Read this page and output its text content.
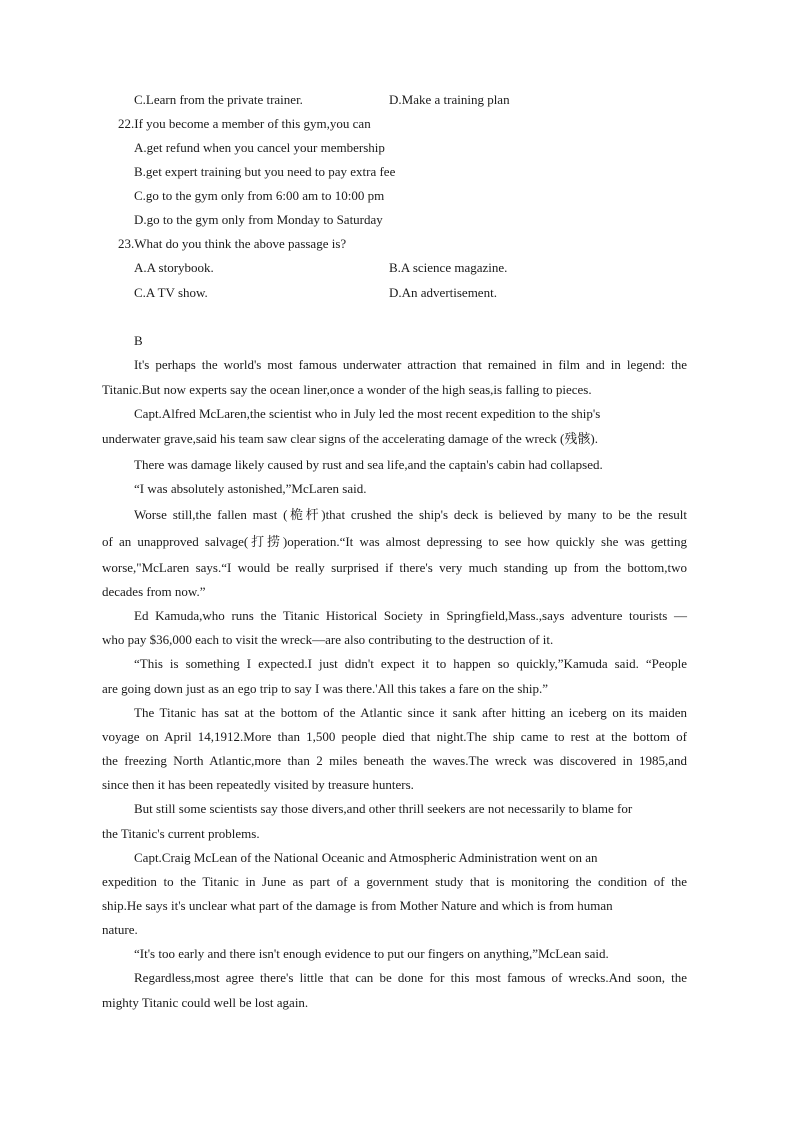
C.Learn from the private trainer.	D.Make a training plan
22.If you become a member of this gym,you can
A.get refund when you cancel your membership
B.get expert training but you need to pay extra fee
C.go to the gym only from 6:00 am to 10:00 pm
D.go to the gym only from Monday to Saturday
23.What do you think the above passage is?
A.A storybook.	B.A science magazine.
C.A TV show.	D.An advertisement.
B
It's perhaps the world's most famous underwater attraction that remained in film and in legend: the
Titanic.But now experts say the ocean liner,once a wonder of the high seas,is falling to pieces.
Capt.Alfred McLaren,the scientist who in July led the most recent expedition to the ship's
underwater grave,said his team saw clear signs of the accelerating damage of the wreck (残骸).
There was damage likely caused by rust and sea life,and the captain's cabin had collapsed.
“I was absolutely astonished,”McLaren said.
Worse still,the fallen mast (桅杆)that crushed the ship's deck is believed by many to be the result
of an unapproved salvage(打捞)operation.“It was almost depressing to see how quickly she was getting
worse,"McLaren says.“I would be really surprised if there's very much standing up from the bottom,two
decades from now.”
Ed Kamuda,who runs the Titanic Historical Society in Springfield,Mass.,says adventure tourists —
who pay $36,000 each to visit the wreck—are also contributing to the destruction of it.
“This is something I expected.I just didn't expect it to happen so quickly,”Kamuda said. “People
are going down just as an ego trip to say I was there.'All this takes a fare on the ship.”
The Titanic has sat at the bottom of the Atlantic since it sank after hitting an iceberg on its maiden
voyage on April 14,1912.More than 1,500 people died that night.The ship came to rest at the bottom of
the freezing North Atlantic,more than 2 miles beneath the waves.The wreck was discovered in 1985,and
since then it has been repeatedly visited by treasure hunters.
But still some scientists say those divers,and other thrill seekers are not necessarily to blame for
the Titanic's current problems.
Capt.Craig McLean of the National Oceanic and Atmospheric Administration went on an
expedition to the Titanic in June as part of a government study that is monitoring the condition of the
ship.He says it's unclear what part of the damage is from Mother Nature and which is from human
nature.
“It's too early and there isn't enough evidence to put our fingers on anything,”McLean said.
Regardless,most agree there's little that can be done for this most famous of wrecks.And soon, the
mighty Titanic could well be lost again.
